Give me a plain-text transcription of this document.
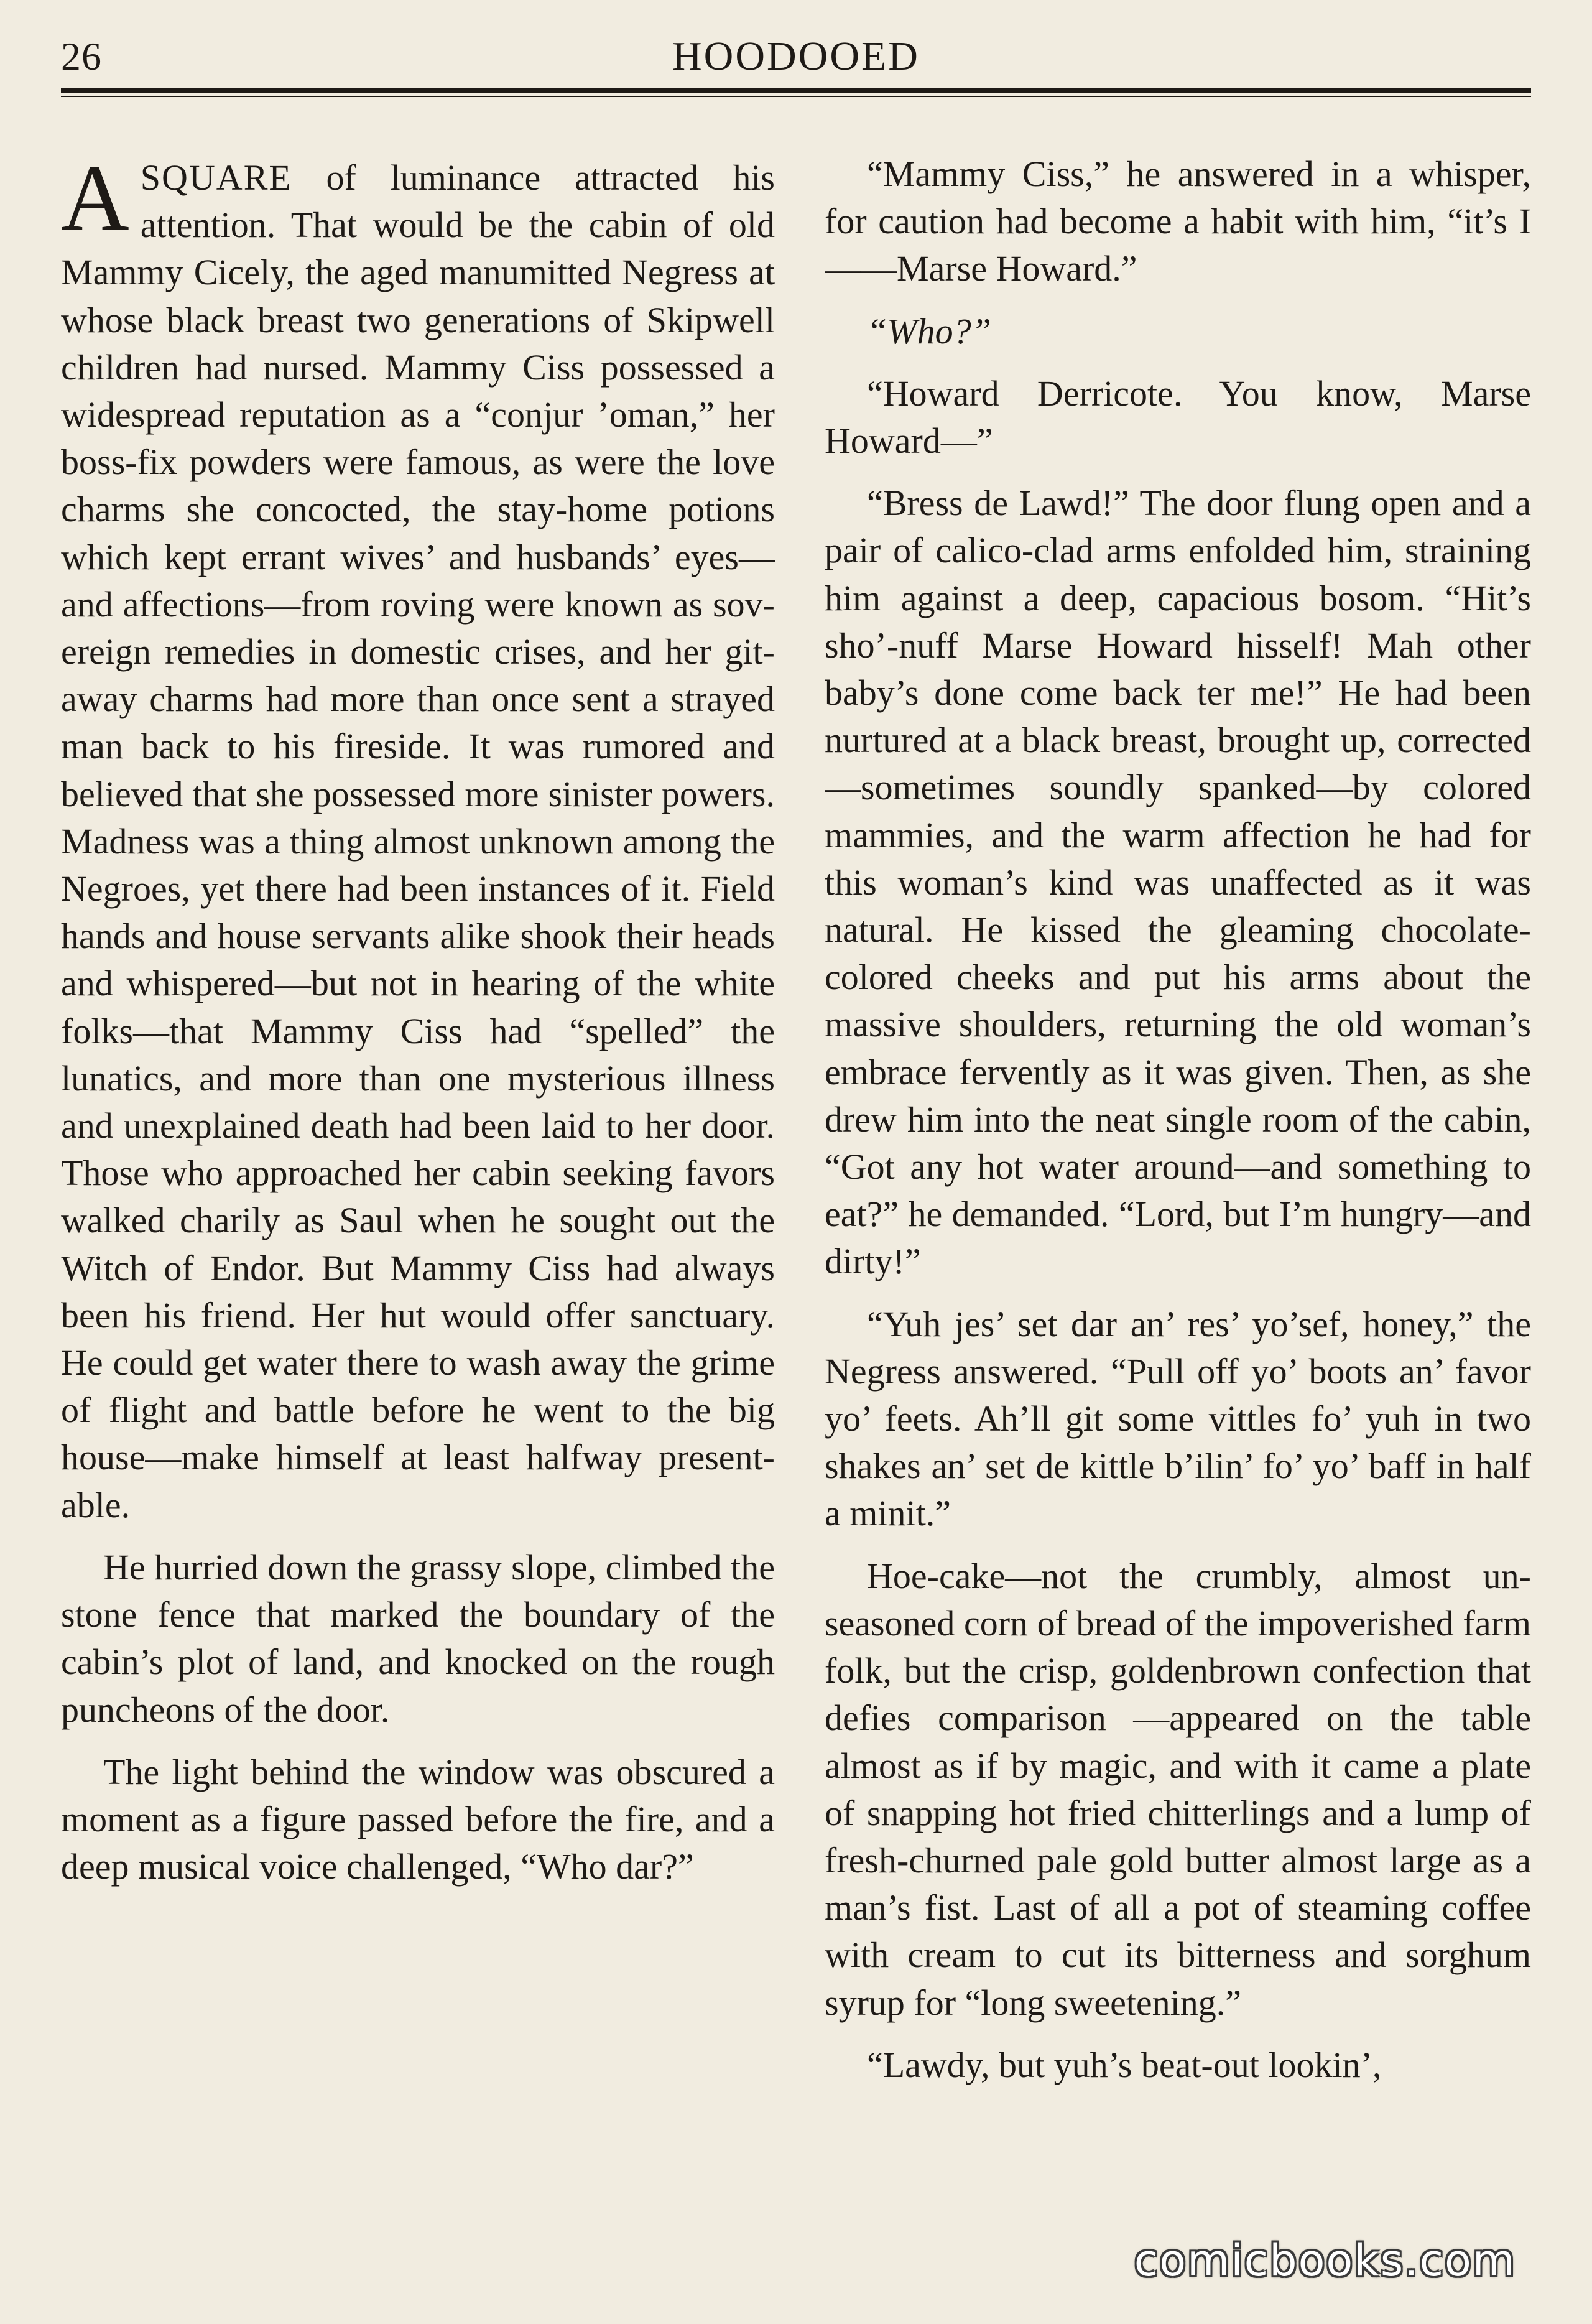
26	HOODOOED

ASQUARE of luminance attracted his attention. That would be the cabin of old Mammy Cicely, the aged manumitted Negress at whose black breast two generations of Skipwell children had nursed. Mammy Ciss possessed a widespread reputation as a “conjur ’oman,” her boss-fix powders were famous, as were the love charms she concocted, the stay-home potions which kept errant wives’ and husbands’ eyes—and affections—from roving were known as sovereign remedies in domestic crises, and her git-away charms had more than once sent a strayed man back to his fireside. It was rumored and believed that she possessed more sinister powers. Madness was a thing almost unknown among the Negroes, yet there had been instances of it. Field hands and house servants alike shook their heads and whispered—but not in hearing of the white folks—that Mammy Ciss had “spelled” the lunatics, and more than one mysterious illness and unexplained death had been laid to her door. Those who approached her cabin seeking favors walked charily as Saul when he sought out the Witch of Endor. But Mammy Ciss had always been his friend. Her hut would offer sanctuary. He could get water there to wash away the grime of flight and battle before he went to the big house—make himself at least halfway presentable.

He hurried down the grassy slope, climbed the stone fence that marked the boundary of the cabin’s plot of land, and knocked on the rough puncheons of the door.

The light behind the window was obscured a moment as a figure passed before the fire, and a deep musical voice challenged, “Who dar?”

“Mammy Ciss,” he answered in a whisper, for caution had become a habit with him, “it’s I——Marse Howard.”

“Who?”

“Howard Derricote. You know, Marse Howard—”

“Bress de Lawd!” The door flung open and a pair of calico-clad arms enfolded him, straining him against a deep, capacious bosom. “Hit’s sho’-nuff Marse Howard hisself! Mah other baby’s done come back ter me!” He had been nurtured at a black breast, brought up, corrected—sometimes soundly spanked—by colored mammies, and the warm affection he had for this woman’s kind was unaffected as it was natural. He kissed the gleaming chocolate-colored cheeks and put his arms about the massive shoulders, returning the old woman’s embrace fervently as it was given. Then, as she drew him into the neat single room of the cabin, “Got any hot water around—and something to eat?” he demanded. “Lord, but I’m hungry—and dirty!”

“Yuh jes’ set dar an’ res’ yo’sef, honey,” the Negress answered. “Pull off yo’ boots an’ favor yo’ feets. Ah’ll git some vittles fo’ yuh in two shakes an’ set de kittle b’ilin’ fo’ yo’ baff in half a minit.”

Hoe-cake—not the crumbly, almost unseasoned corn of bread of the impoverished farm folk, but the crisp, goldenbrown confection that defies comparison —appeared on the table almost as if by magic, and with it came a plate of snapping hot fried chitterlings and a lump of fresh-churned pale gold butter almost large as a man’s fist. Last of all a pot of steaming coffee with cream to cut its bitterness and sorghum syrup for “long sweetening.”

“Lawdy, but yuh’s beat-out lookin’,

comicbooks.com
